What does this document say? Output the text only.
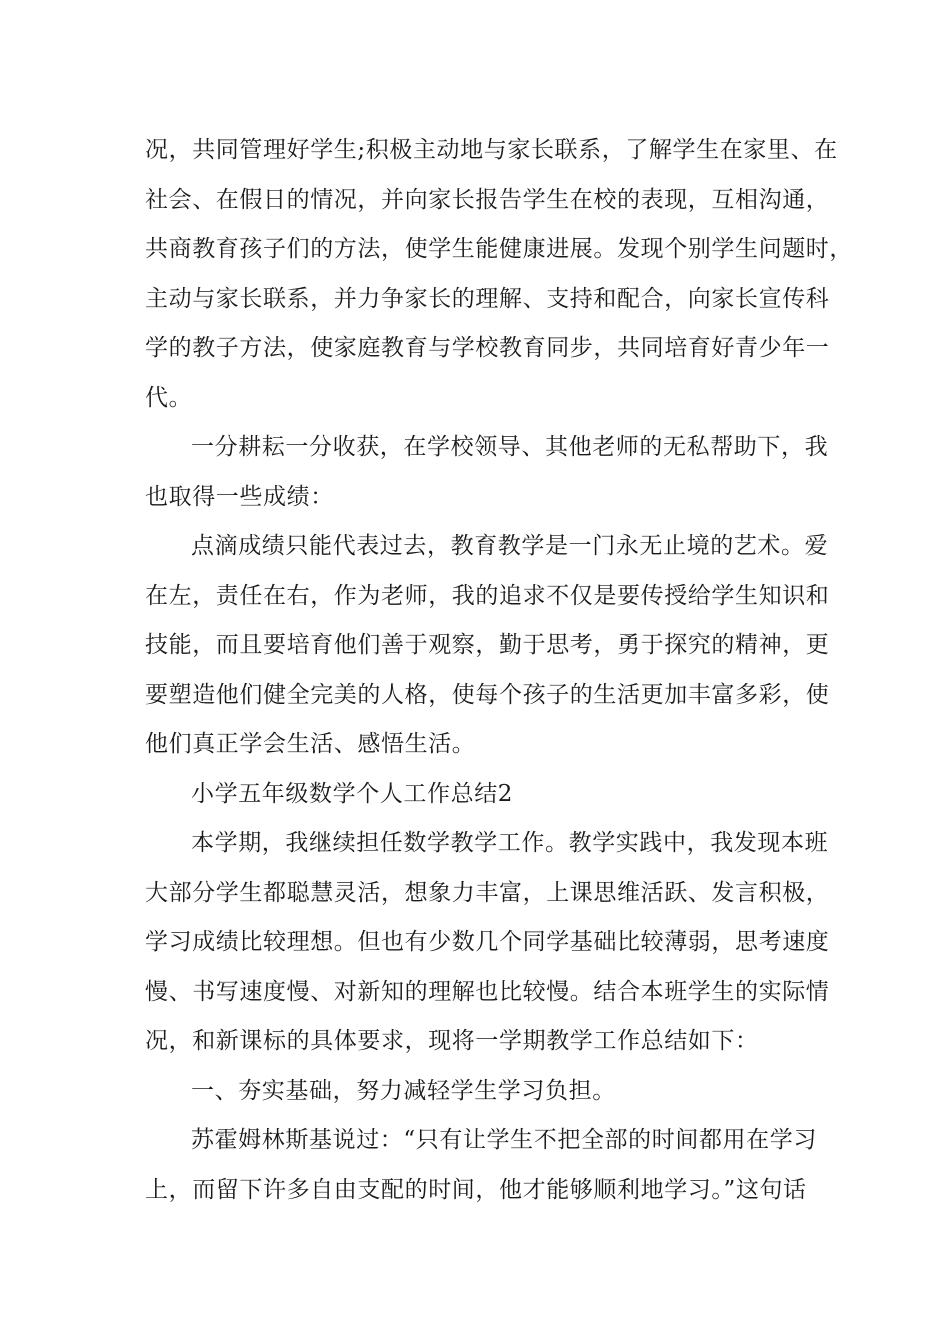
况，共同管理好学生;积极主动地与家长联系，了解学生在家里、在
社会、在假日的情况，并向家长报告学生在校的表现，互相沟通，
共商教育孩子们的方法，使学生能健康进展。发现个别学生问题时，
主动与家长联系，并力争家长的理解、支持和配合，向家长宣传科
学的教子方法，使家庭教育与学校教育同步，共同培育好青少年一
代。
一分耕耘一分收获，在学校领导、其他老师的无私帮助下，我
也取得一些成绩：
点滴成绩只能代表过去，教育教学是一门永无止境的艺术。爱
在左，责任在右，作为老师，我的追求不仅是要传授给学生知识和
技能，而且要培育他们善于观察，勤于思考，勇于探究的精神，更
要塑造他们健全完美的人格，使每个孩子的生活更加丰富多彩，使
他们真正学会生活、感悟生活。
小学五年级数学个人工作总结2
本学期，我继续担任数学教学工作。教学实践中，我发现本班
大部分学生都聪慧灵活，想象力丰富，上课思维活跃、发言积极，
学习成绩比较理想。但也有少数几个同学基础比较薄弱，思考速度
慢、书写速度慢、对新知的理解也比较慢。结合本班学生的实际情
况，和新课标的具体要求，现将一学期教学工作总结如下：
一、夯实基础，努力减轻学生学习负担。
苏霍姆林斯基说过：“只有让学生不把全部的时间都用在学习
上，而留下许多自由支配的时间，他才能够顺利地学习。”这句话
